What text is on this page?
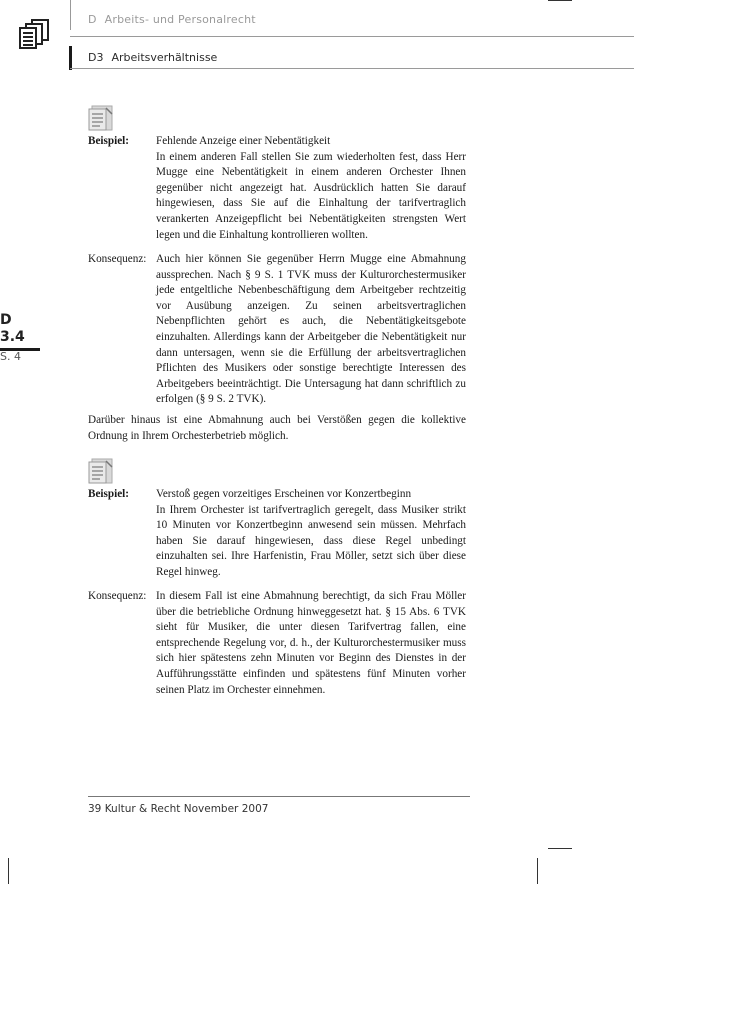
D Arbeits- und Personalrecht
D3 Arbeitsverhältnisse
D
3.4
S. 4
Beispiel: Fehlende Anzeige einer Nebentätigkeit
In einem anderen Fall stellen Sie zum wiederholten fest, dass Herr Mugge eine Nebentätigkeit in einem anderen Orchester Ihnen gegenüber nicht angezeigt hat. Ausdrücklich hatten Sie darauf hingewiesen, dass Sie auf die Einhaltung der tarifvertraglich verankerten Anzeigepflicht bei Nebentätigkeiten strengsten Wert legen und die Einhaltung kontrollieren wollten.
Konsequenz: Auch hier können Sie gegenüber Herrn Mugge eine Abmahnung aussprechen. Nach § 9 S. 1 TVK muss der Kulturorchestermusiker jede entgeltliche Nebenbeschäftigung dem Arbeitgeber rechtzeitig vor Ausübung anzeigen. Zu seinen arbeitsvertraglichen Nebenpflichten gehört es auch, die Nebentätigkeitsgebote einzuhalten. Allerdings kann der Arbeitgeber die Nebentätigkeit nur dann untersagen, wenn sie die Erfüllung der arbeitsvertraglichen Pflichten des Musikers oder sonstige berechtigte Interessen des Arbeitgebers beeinträchtigt. Die Untersagung hat dann schriftlich zu erfolgen (§ 9 S. 2 TVK).
Darüber hinaus ist eine Abmahnung auch bei Verstößen gegen die kollektive Ordnung in Ihrem Orchesterbetrieb möglich.
Beispiel: Verstoß gegen vorzeitiges Erscheinen vor Konzertbeginn
In Ihrem Orchester ist tarifvertraglich geregelt, dass Musiker strikt 10 Minuten vor Konzertbeginn anwesend sein müssen. Mehrfach haben Sie darauf hingewiesen, dass diese Regel unbedingt einzuhalten sei. Ihre Harfenistin, Frau Möller, setzt sich über diese Regel hinweg.
Konsequenz: In diesem Fall ist eine Abmahnung berechtigt, da sich Frau Möller über die betriebliche Ordnung hinweggesetzt hat. § 15 Abs. 6 TVK sieht für Musiker, die unter diesen Tarifvertrag fallen, eine entsprechende Regelung vor, d. h., der Kulturorchestermusiker muss sich hier spätestens zehn Minuten vor Beginn des Dienstes in der Aufführungsstätte einfinden und spätestens fünf Minuten vorher seinen Platz im Orchester einnehmen.
39 Kultur & Recht November 2007
